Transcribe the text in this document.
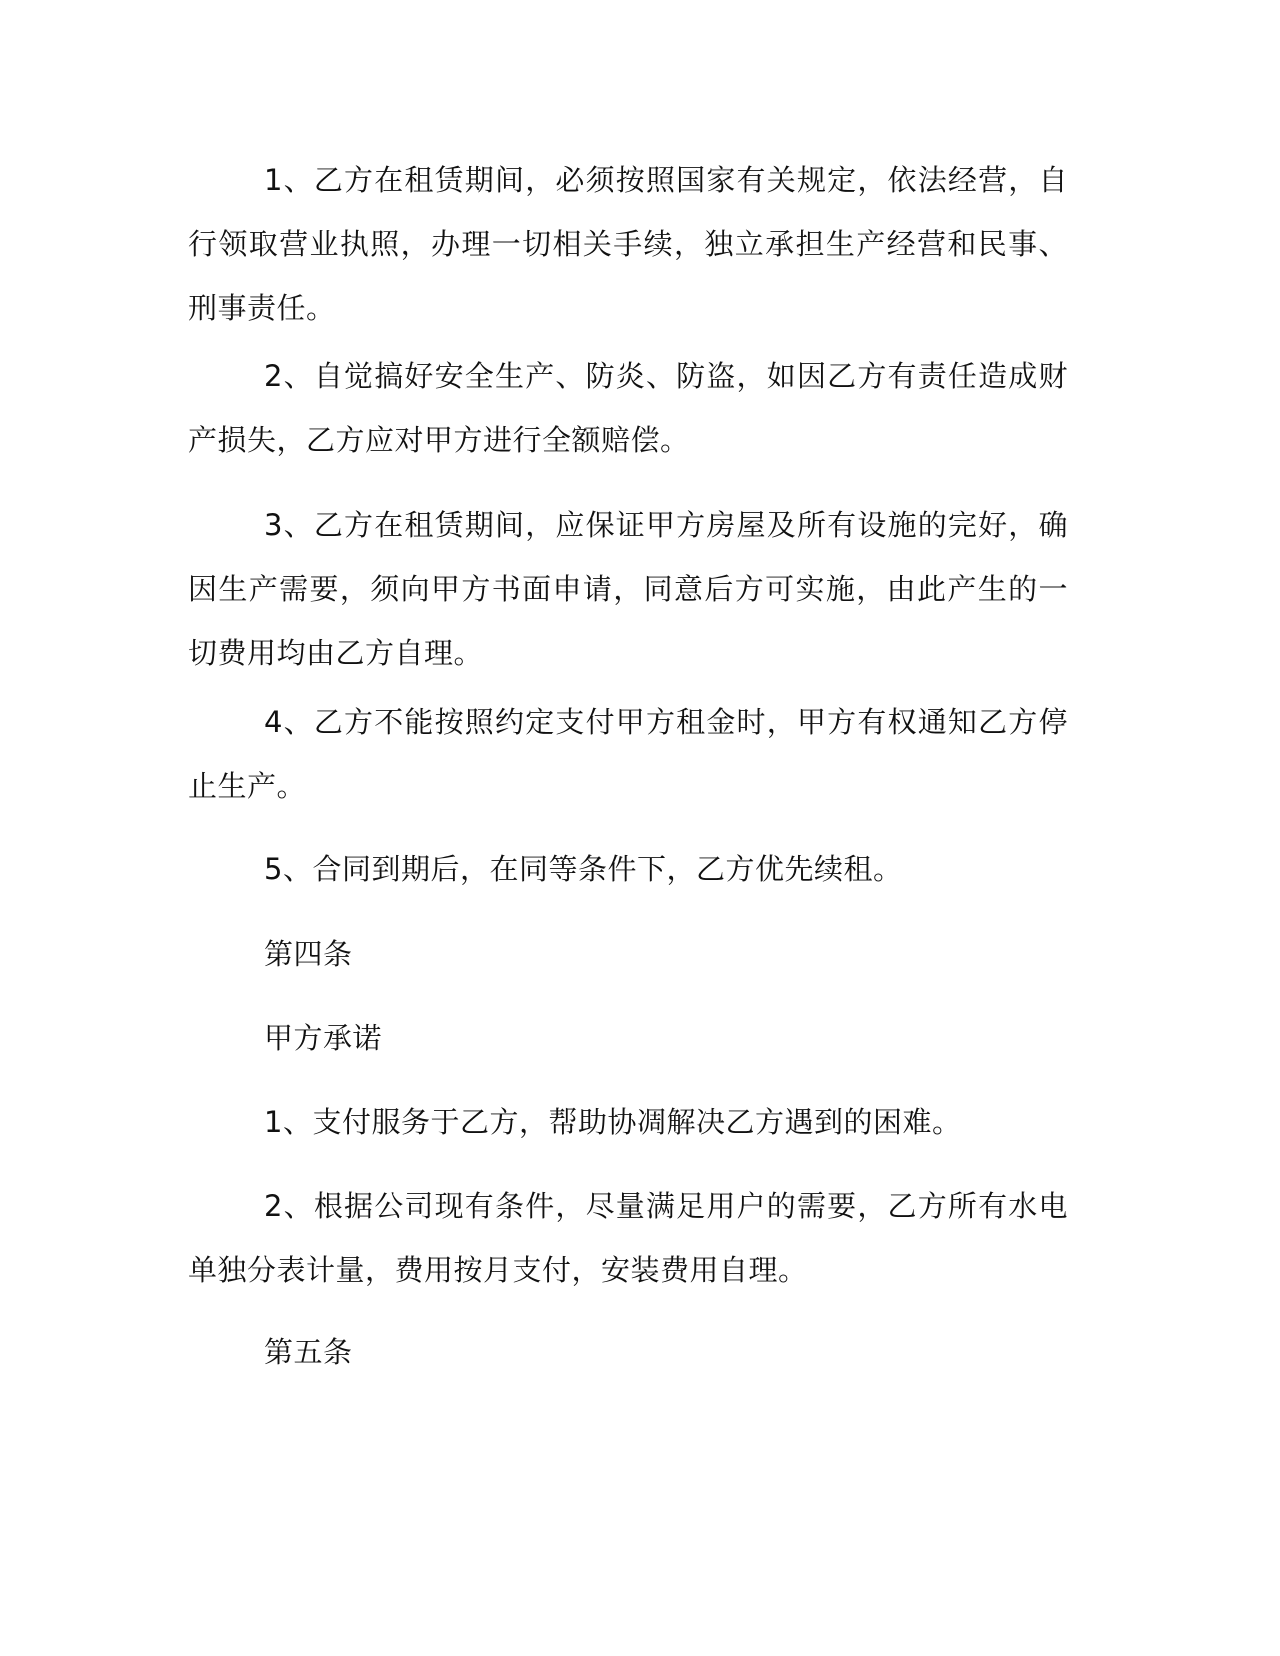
1、乙方在租赁期间，必须按照国家有关规定，依法经营，自行领取营业执照，办理一切相关手续，独立承担生产经营和民事、刑事责任。

2、自觉搞好安全生产、防炎、防盗，如因乙方有责任造成财产损失，乙方应对甲方进行全额赔偿。

3、乙方在租赁期间，应保证甲方房屋及所有设施的完好，确因生产需要，须向甲方书面申请，同意后方可实施，由此产生的一切费用均由乙方自理。

4、乙方不能按照约定支付甲方租金时，甲方有权通知乙方停止生产。

5、合同到期后，在同等条件下，乙方优先续租。

第四条

甲方承诺

1、支付服务于乙方，帮助协凋解决乙方遇到的困难。

2、根据公司现有条件，尽量满足用户的需要，乙方所有水电单独分表计量，费用按月支付，安装费用自理。

第五条
